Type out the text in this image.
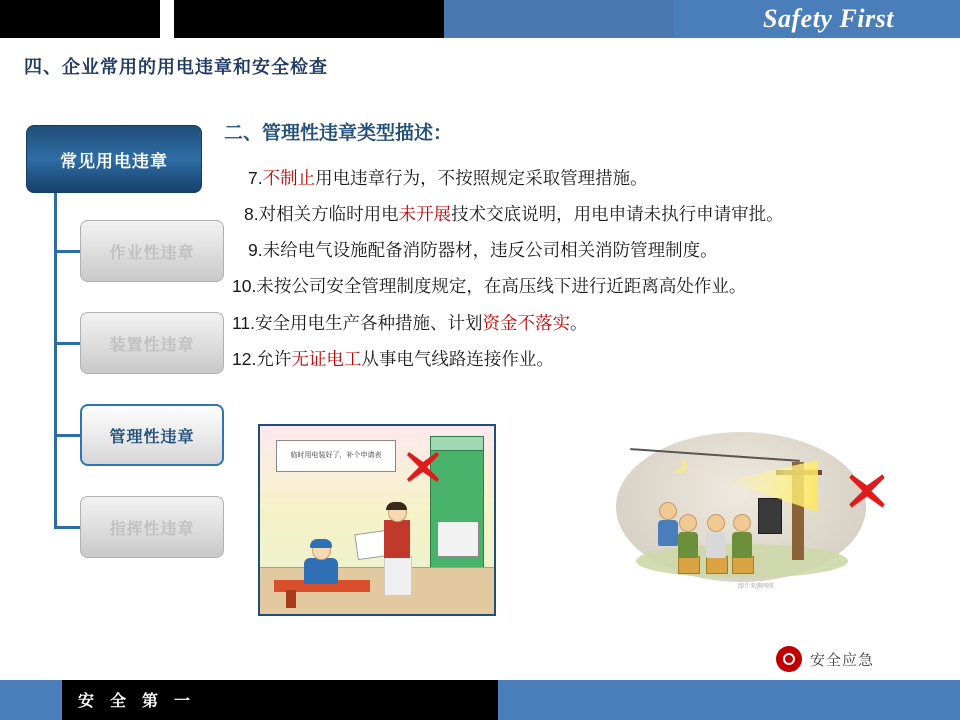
Safety First
四、企业常用的用电违章和安全检查
常见用电违章
作业性违章
装置性违章
管理性违章
指挥性违章
二、管理性违章类型描述：
7.不制止用电违章行为，不按照规定采取管理措施。
8.对相关方临时用电未开展技术交底说明，用电申请未执行申请审批。
9.未给电气设施配备消防器材，违反公司相关消防管理制度。
10.未按公司安全管理制度规定，在高压线下进行近距离高处作业。
11.安全用电生产各种措施、计划资金不落实。
12.允许无证电工从事电气线路连接作业。
临时用电装好了，补个申请表
图片来源网络
安全应急
安 全 第 一
